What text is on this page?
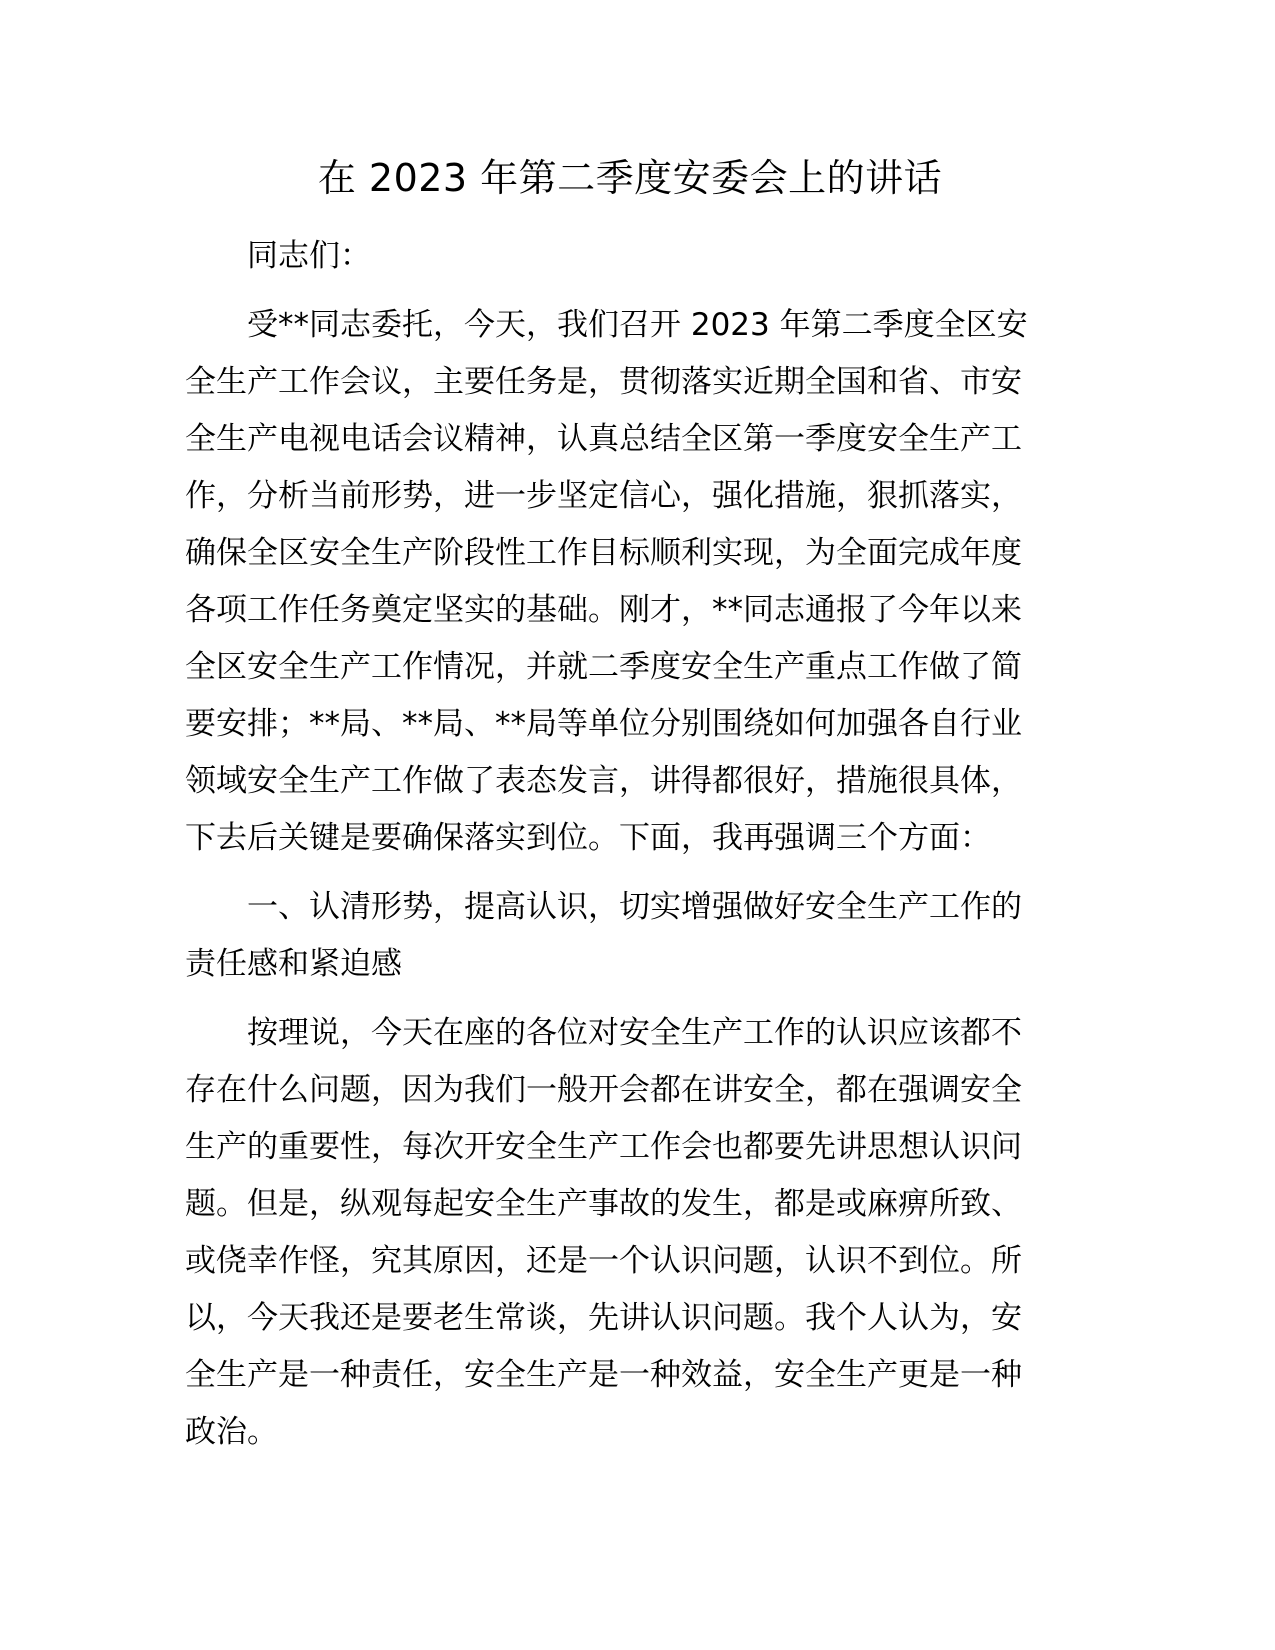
在 2023 年第二季度安委会上的讲话

同志们：

受**同志委托，今天，我们召开 2023 年第二季度全区安
全生产工作会议，主要任务是，贯彻落实近期全国和省、市安
全生产电视电话会议精神，认真总结全区第一季度安全生产工
作，分析当前形势，进一步坚定信心，强化措施，狠抓落实，
确保全区安全生产阶段性工作目标顺利实现，为全面完成年度
各项工作任务奠定坚实的基础。刚才，**同志通报了今年以来
全区安全生产工作情况，并就二季度安全生产重点工作做了简
要安排；**局、**局、**局等单位分别围绕如何加强各自行业
领域安全生产工作做了表态发言，讲得都很好，措施很具体，
下去后关键是要确保落实到位。下面，我再强调三个方面：

一、认清形势，提高认识，切实增强做好安全生产工作的
责任感和紧迫感

按理说，今天在座的各位对安全生产工作的认识应该都不
存在什么问题，因为我们一般开会都在讲安全，都在强调安全
生产的重要性，每次开安全生产工作会也都要先讲思想认识问
题。但是，纵观每起安全生产事故的发生，都是或麻痹所致、
或侥幸作怪，究其原因，还是一个认识问题，认识不到位。所
以，今天我还是要老生常谈，先讲认识问题。我个人认为，安
全生产是一种责任，安全生产是一种效益，安全生产更是一种
政治。
